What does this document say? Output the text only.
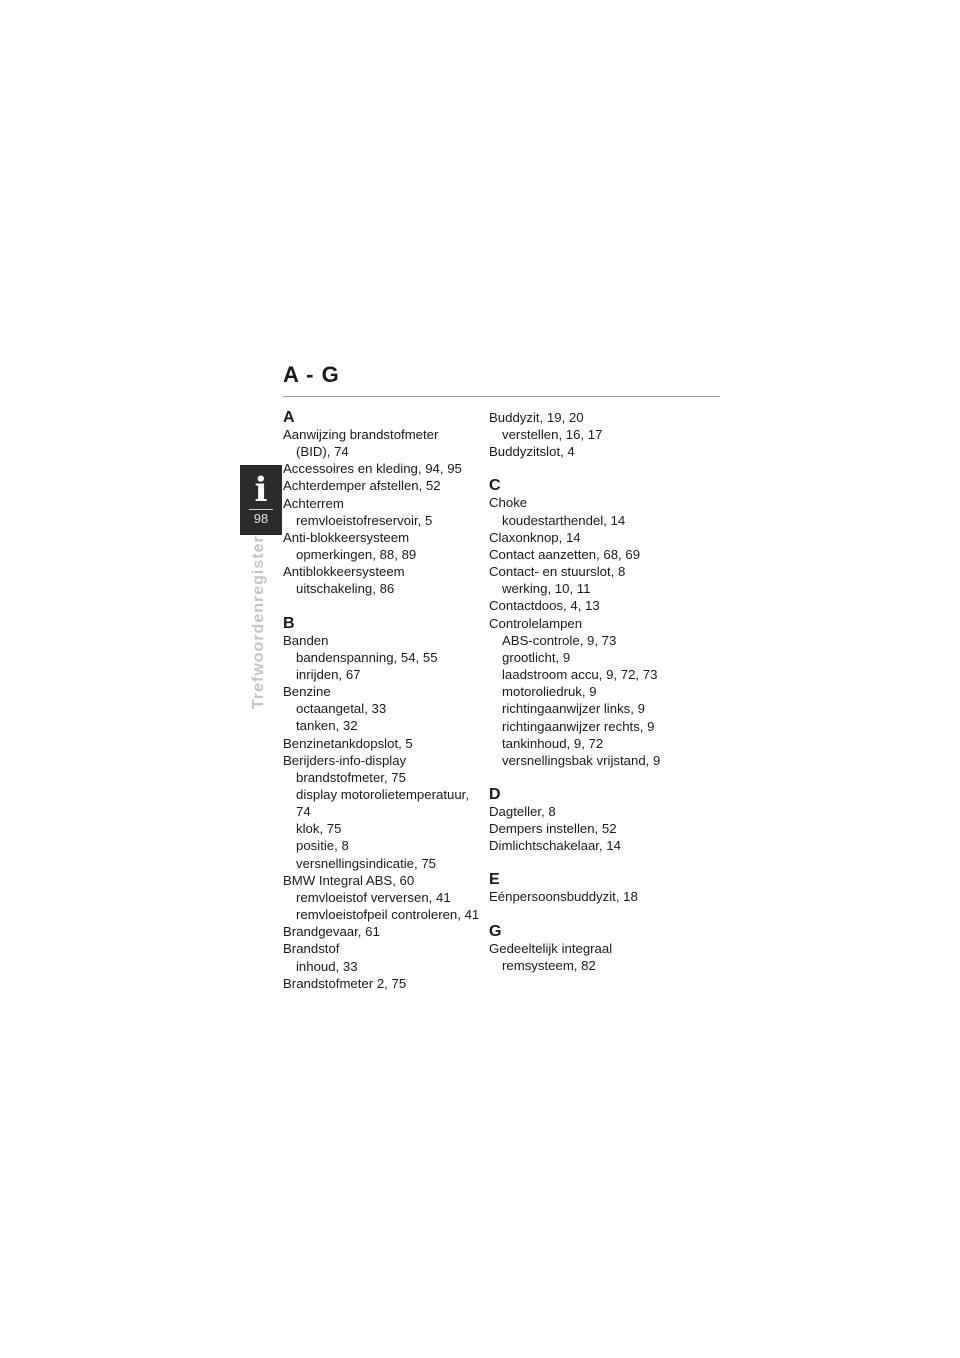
A - G
i
98
Trefwoordenregister
A
Aanwijzing brandstofmeter
(BID), 74
Accessoires en kleding, 94, 95
Achterdemper afstellen, 52
Achterrem
remvloeistofreservoir, 5
Anti-blokkeersysteem
opmerkingen, 88, 89
Antiblokkeersysteem
uitschakeling, 86
B
Banden
bandenspanning, 54, 55
inrijden, 67
Benzine
octaangetal, 33
tanken, 32
Benzinetankdopslot, 5
Berijders-info-display
brandstofmeter, 75
display motorolietemperatuur,
74
klok, 75
positie, 8
versnellingsindicatie, 75
BMW Integral ABS, 60
remvloeistof verversen, 41
remvloeistofpeil controleren, 41
Brandgevaar, 61
Brandstof
inhoud, 33
Brandstofmeter 2, 75
Buddyzit, 19, 20
verstellen, 16, 17
Buddyzitslot, 4
C
Choke
koudestarthendel, 14
Claxonknop, 14
Contact aanzetten, 68, 69
Contact- en stuurslot, 8
werking, 10, 11
Contactdoos, 4, 13
Controlelampen
ABS-controle, 9, 73
grootlicht, 9
laadstroom accu, 9, 72, 73
motoroliedruk, 9
richtingaanwijzer links, 9
richtingaanwijzer rechts, 9
tankinhoud, 9, 72
versnellingsbak vrijstand, 9
D
Dagteller, 8
Dempers instellen, 52
Dimlichtschakelaar, 14
E
Eénpersoonsbuddyzit, 18
G
Gedeeltelijk integraal
remsysteem, 82
